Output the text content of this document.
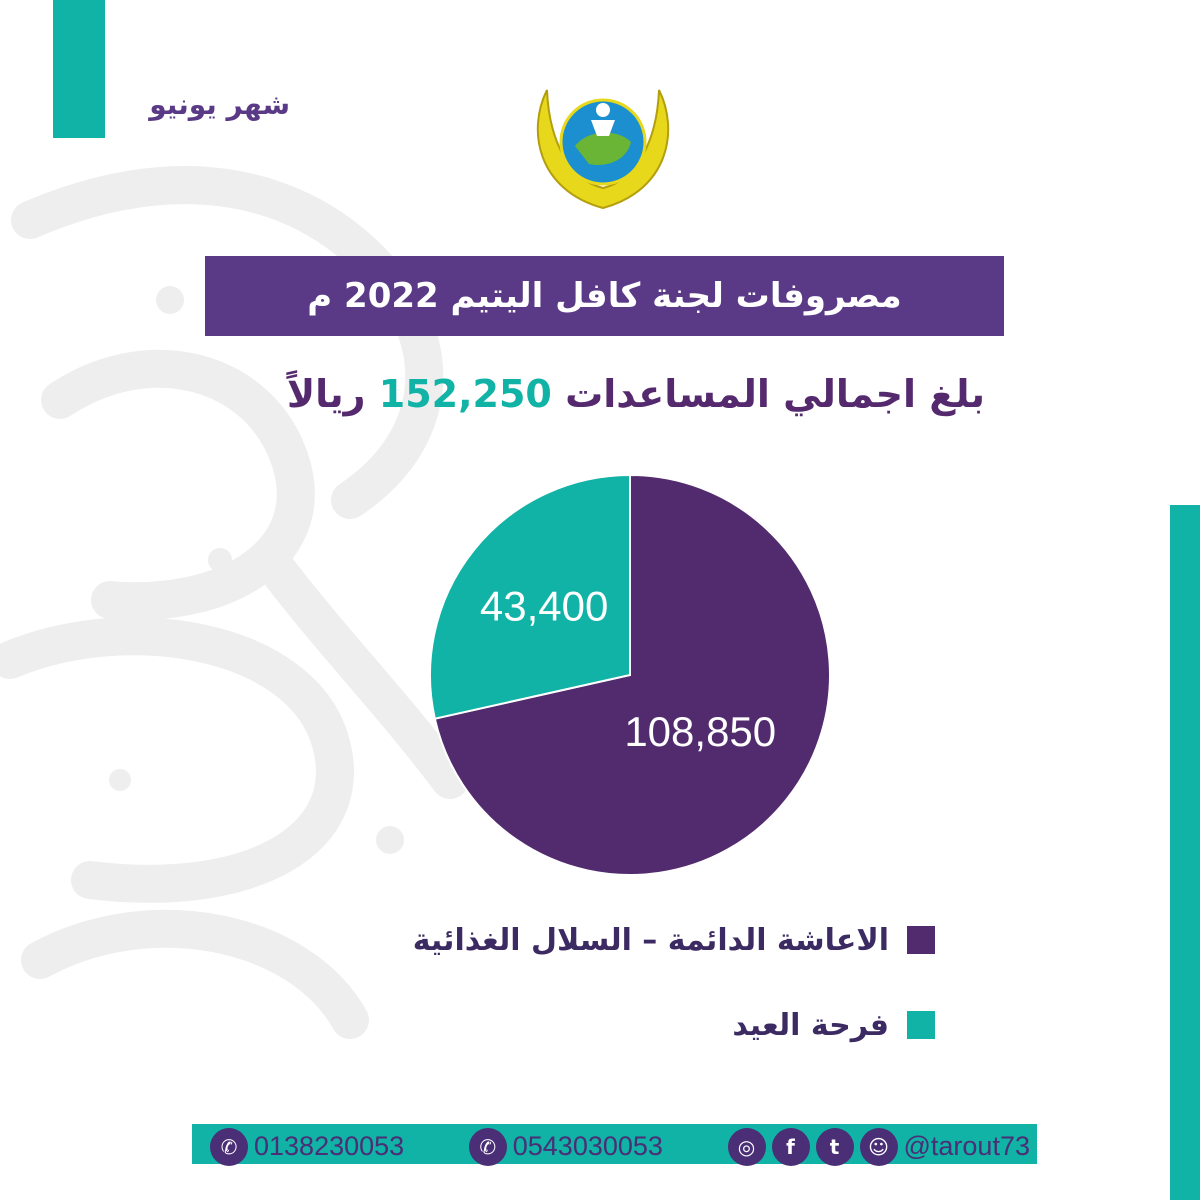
شهر يونيو
مصروفات لجنة كافل اليتيم 2022 م
بلغ اجمالي المساعدات 152,250 ريالاً
108,850
43,400
الاعاشة الدائمة – السلال الغذائية
فرحة العيد
✆ 0138230053	✆ 0543030053	◎	f	t	☺ @tarout73
